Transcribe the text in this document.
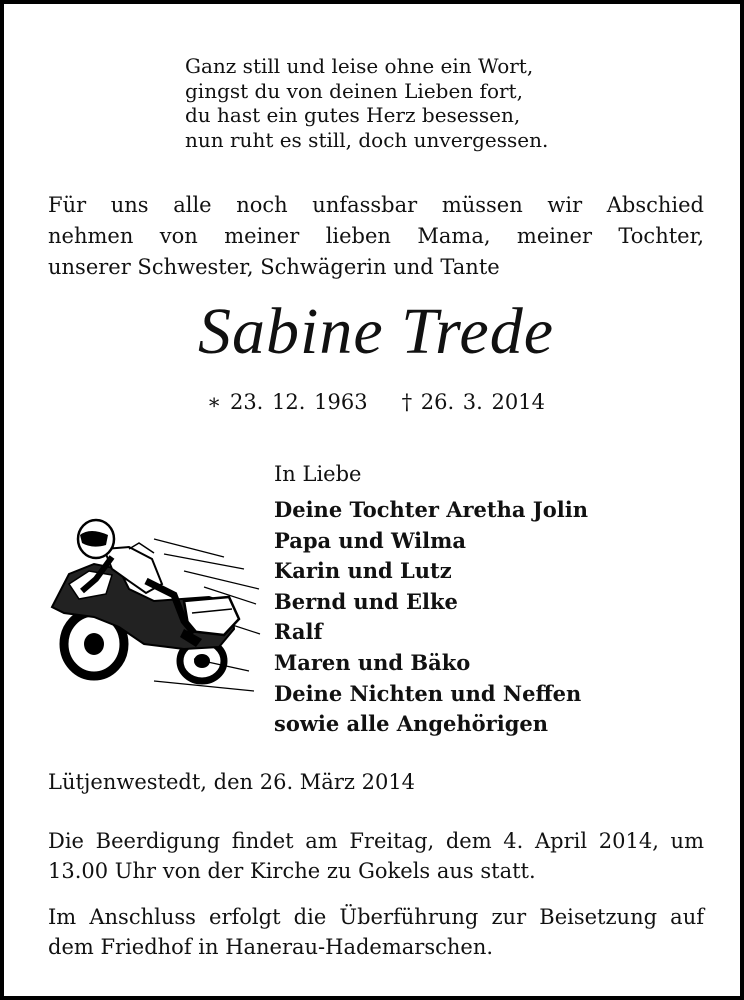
Ganz still und leise ohne ein Wort,
gingst du von deinen Lieben fort,
du hast ein gutes Herz besessen,
nun ruht es still, doch unvergessen.
Für uns alle noch unfassbar müssen wir Abschied
nehmen von meiner lieben Mama, meiner Tochter,
unserer Schwester, Schwägerin und Tante
Sabine Trede
∗ 23. 12. 1963 † 26. 3. 2014
In Liebe
Deine Tochter Aretha Jolin
Papa und Wilma
Karin und Lutz
Bernd und Elke
Ralf
Maren und Bäko
Deine Nichten und Neffen
sowie alle Angehörigen
Lütjenwestedt, den 26. März 2014
Die Beerdigung findet am Freitag, dem 4. April 2014, um
13.00 Uhr von der Kirche zu Gokels aus statt.
Im Anschluss erfolgt die Überführung zur Beisetzung auf
dem Friedhof in Hanerau-Hademarschen.
